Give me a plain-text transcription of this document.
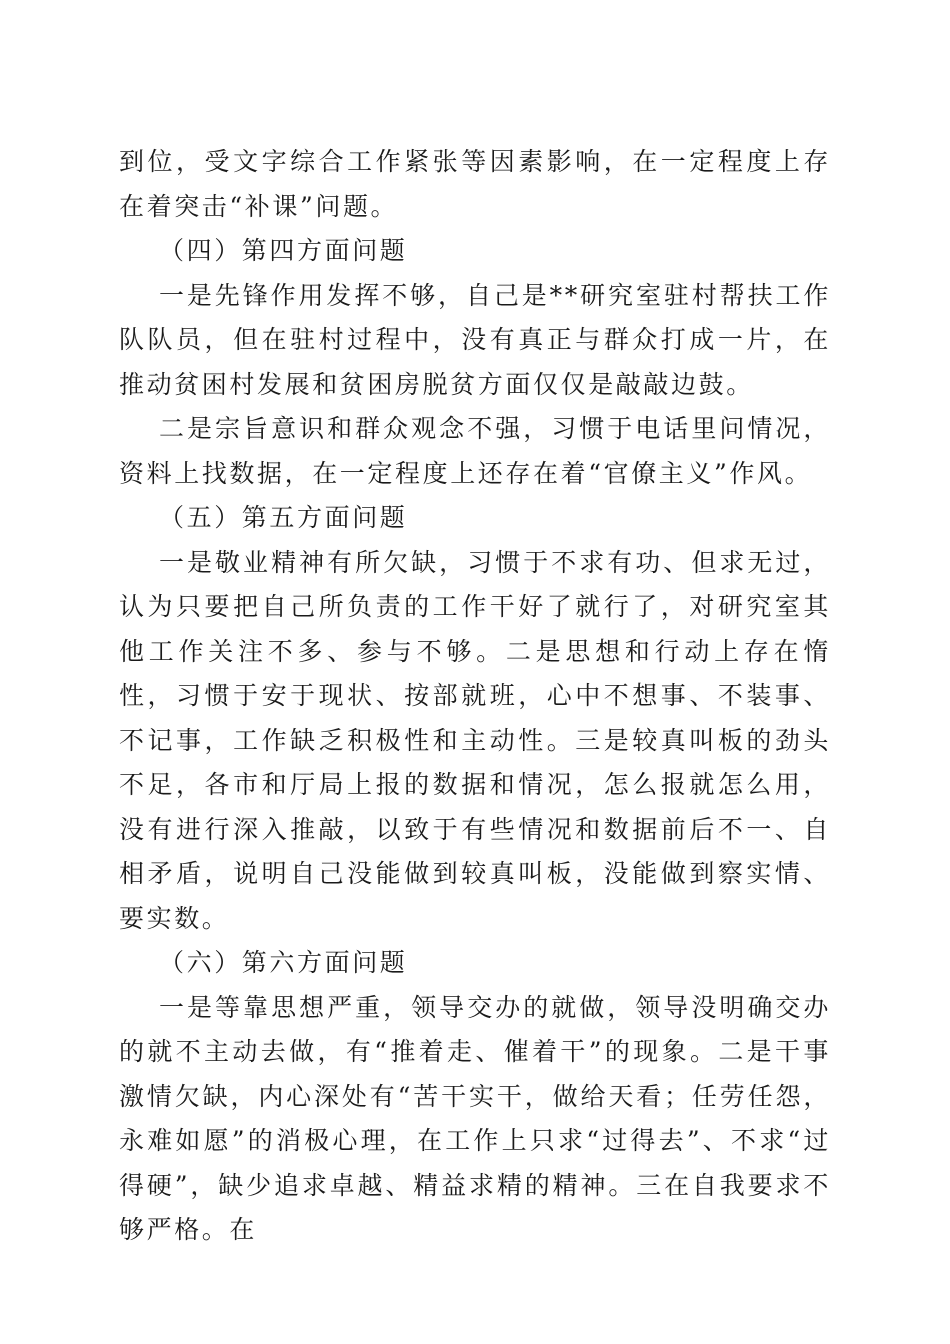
到位，受文字综合工作紧张等因素影响，在一定程度上存在着突击“补课”问题。

（四）第四方面问题

一是先锋作用发挥不够，自己是**研究室驻村帮扶工作队队员，但在驻村过程中，没有真正与群众打成一片，在推动贫困村发展和贫困房脱贫方面仅仅是敲敲边鼓。

二是宗旨意识和群众观念不强，习惯于电话里问情况，资料上找数据，在一定程度上还存在着“官僚主义”作风。

（五）第五方面问题

一是敬业精神有所欠缺，习惯于不求有功、但求无过，认为只要把自己所负责的工作干好了就行了，对研究室其他工作关注不多、参与不够。二是思想和行动上存在惰性，习惯于安于现状、按部就班，心中不想事、不装事、不记事，工作缺乏积极性和主动性。三是较真叫板的劲头不足，各市和厅局上报的数据和情况，怎么报就怎么用，没有进行深入推敲，以致于有些情况和数据前后不一、自相矛盾，说明自己没能做到较真叫板，没能做到察实情、要实数。

（六）第六方面问题

一是等靠思想严重，领导交办的就做，领导没明确交办的就不主动去做，有“推着走、催着干”的现象。二是干事激情欠缺，内心深处有“苦干实干，做给天看；任劳任怨，永难如愿”的消极心理，在工作上只求“过得去”、不求“过得硬”，缺少追求卓越、精益求精的精神。三在自我要求不够严格。在
